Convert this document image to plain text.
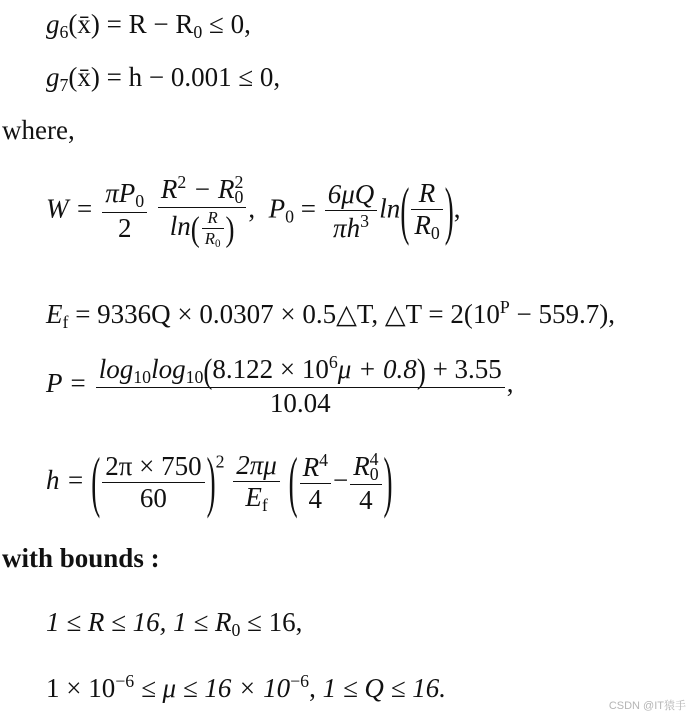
$g_6(x̄) = R - R_0 \le 0$,
$g_7(x̄) = h - 0.001 \le 0$,
where,
$W = \frac{\pi P_0}{2}$
$\frac{R^2 - R_0^2}{\ln( \frac{R}{R_0} )}$ , $P_0 = \frac{6\mu Q}{\pi h^3} \ln( \frac{R}{R_0}$ ),
$E_f = 9336Q \times 0.0307$ × 0.5△T, △T = $2(10^P - 559.7)$,
$P = \frac{\log_{10}\log_{10}(8.122 \times 10^6\mu + 0.8) + 3.55}{10.04}$ ,
h = ( $\frac{2\pi \times 750}{60} )^2 \frac{2\pi\mu}{E_f}$ ( $\frac{R^4}{4} - \frac{R_0^4}{4}$ )
with bounds :
1 ≤ R ≤ 16, $1 \le R_0 \le 16$,
$1 \times 10^{-6} \le \mu \le 16 \times 10^{-6}$, 1 ≤ Q ≤ 16.
CSDN @IT猿手
